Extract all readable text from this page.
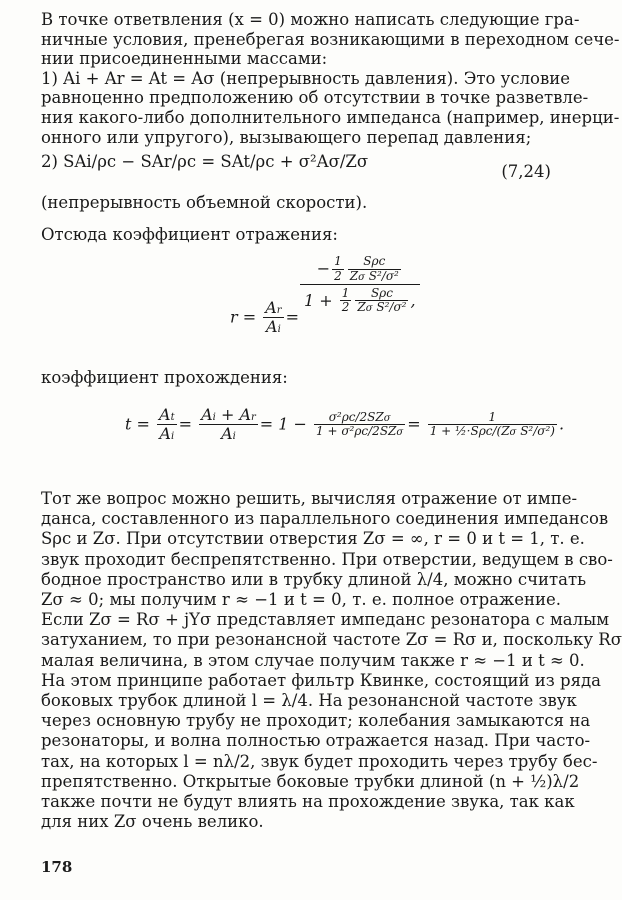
В точке ответвления (x = 0) можно написать следующие гра-
ничные условия, пренебрегая возникающими в переходном сече-
нии присоединенными массами:
1) Ai + Ar = At = Aσ (непрерывность давления). Это условие
равноценно предположению об отсутствии в точке разветвле-
ния какого-либо дополнительного импеданса (например, инерци-
онного или упругого), вызывающего перепад давления;
2) SAi/ρc − SAr/ρc = SAt/ρc + σ²Aσ/Zσ
(7,24)
(непрерывность объемной скорости).
Отсюда коэффициент отражения:
$r = \frac{Ar}{Ai}$ =
− $\frac{1}{2} \frac{\text{Sρc}}{\text{Zσ S²/σ²}}$
$1 + \frac{1}{2} \frac{\text{Sρc}}{\text{Zσ S²/σ²}}$ ,
коэффициент прохождения:
$t = \frac{At}{Ai} = \frac{Ai + Ar}{Ai} = 1 - \frac{\text{σ²ρc/2SZσ}}{\text{1 + σ²ρc/2SZσ}} = \frac{1}{\text{1 + ½·Sρc/(Zσ S²/σ²)}}$ .
Тот же вопрос можно решить, вычисляя отражение от импе-
данса, составленного из параллельного соединения импедансов
Sρc и Zσ. При отсутствии отверстия Zσ = ∞, r = 0 и t = 1, т. е.
звук проходит беспрепятственно. При отверстии, ведущем в сво-
бодное пространство или в трубку длиной λ/4, можно считать
Zσ ≈ 0; мы получим r ≈ −1 и t = 0, т. е. полное отражение.
Если Zσ = Rσ + jYσ представляет импеданс резонатора с малым
затуханием, то при резонансной частоте Zσ = Rσ и, поскольку Rσ
малая величина, в этом случае получим также r ≈ −1 и t ≈ 0.
На этом принципе работает фильтр Квинке, состоящий из ряда
боковых трубок длиной l = λ/4. На резонансной частоте звук
через основную трубу не проходит; колебания замыкаются на
резонаторы, и волна полностью отражается назад. При часто-
тах, на которых l = nλ/2, звук будет проходить через трубу бес-
препятственно. Открытые боковые трубки длиной (n + ½)λ/2
также почти не будут влиять на прохождение звука, так как
для них Zσ очень велико.
178
